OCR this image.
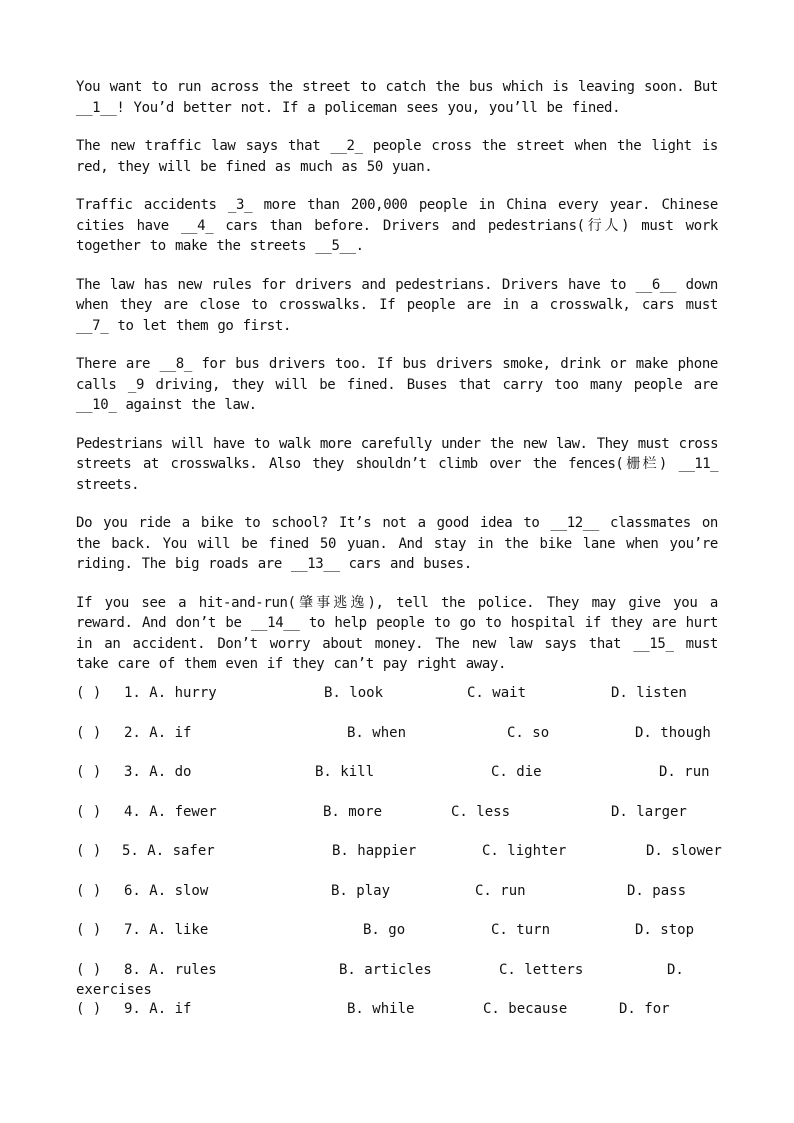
You want to run across the street to catch the bus which is leaving soon. But __1__! You’d better not. If a policeman sees you, you’ll be fined.

The new traffic law says that __2_ people cross the street when the light is red, they will be fined as much as 50 yuan.

Traffic accidents _3_ more than 200,000 people in China every year. Chinese cities have __4_ cars than before. Drivers and pedestrians(行人) must work together to make the streets __5__.

The law has new rules for drivers and pedestrians. Drivers have to __6__ down when they are close to crosswalks. If people are in a crosswalk, cars must __7_ to let them go first.

There are __8_ for bus drivers too. If bus drivers smoke, drink or make phone calls _9 driving, they will be fined. Buses that carry too many people are __10_ against the law.

Pedestrians will have to walk more carefully under the new law. They must cross streets at crosswalks. Also they shouldn’t climb over the fences(栅栏) __11_ streets.

Do you ride a bike to school? It’s not a good idea to __12__ classmates on the back. You will be fined 50 yuan. And stay in the bike lane when you’re riding. The big roads are __13__ cars and buses.

If you see a hit-and-run(肇事逃逸), tell the police. They may give you a reward. And don’t be __14__ to help people to go to hospital if they are hurt in an accident. Don’t worry about money. The new law says that __15_ must take care of them even if they can’t pay right away.

( ) 1. A. hurry	B. look	C. wait	D. listen
( ) 2. A. if	B. when	C. so	D. though
( ) 3. A. do	B. kill	C. die	D. run
( ) 4. A. fewer	B. more	C. less	D. larger
( ) 5. A. safer	B. happier	C. lighter	D. slower
( ) 6. A. slow	B. play	C. run	D. pass
( ) 7. A. like	B. go	C. turn	D. stop
( ) 8. A. rules	B. articles	C. letters	D.
exercises
( ) 9. A. if	B. while	C. because	D. for
